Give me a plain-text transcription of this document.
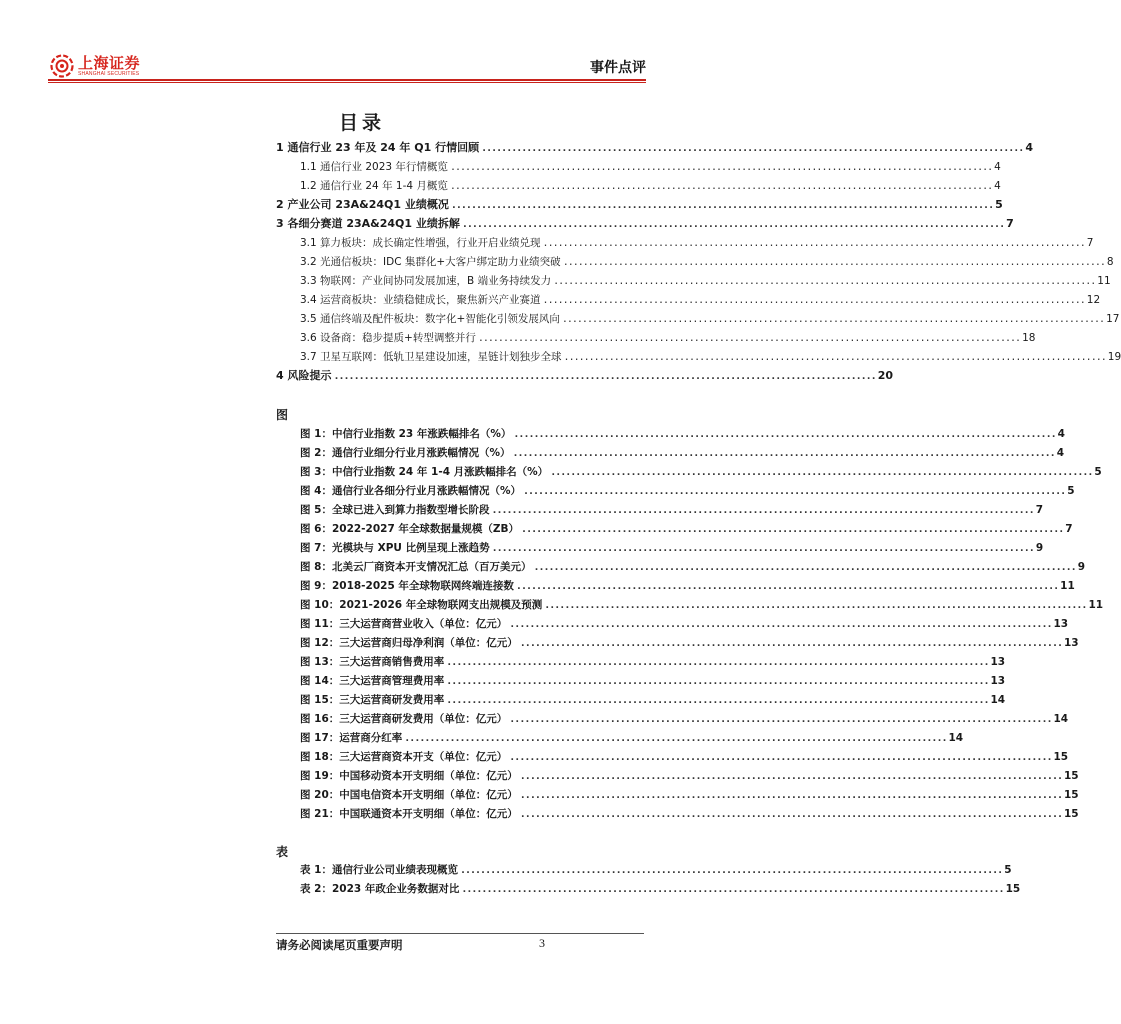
上海证券
SHANGHAI SECURITIES	事件点评
目录
1 通信行业 23 年及 24 年 Q1 行情回顾 ............................................................................................................ 4
1.1 通信行业 2023 年行情概览 ............................................................................................................ 4
1.2 通信行业 24 年 1-4 月概览 ............................................................................................................ 4
2 产业公司 23A&24Q1 业绩概况 ............................................................................................................ 5
3 各细分赛道 23A&24Q1 业绩拆解 ............................................................................................................ 7
3.1 算力板块：成长确定性增强，行业开启业绩兑现 ............................................................................................................ 7
3.2 光通信板块：IDC 集群化+大客户绑定助力业绩突破 ............................................................................................................ 8
3.3 物联网：产业间协同发展加速，B 端业务持续发力 ............................................................................................................ 11
3.4 运营商板块：业绩稳健成长，聚焦新兴产业赛道 ............................................................................................................ 12
3.5 通信终端及配件板块：数字化+智能化引领发展风向 ............................................................................................................ 17
3.6 设备商：稳步提质+转型调整并行 ............................................................................................................ 18
3.7 卫星互联网：低轨卫星建设加速，星链计划独步全球 ............................................................................................................ 19
4 风险提示 ............................................................................................................ 20
图
图 1：中信行业指数 23 年涨跌幅排名（%） ............................................................................................................ 4
图 2：通信行业细分行业月涨跌幅情况（%） ............................................................................................................ 4
图 3：中信行业指数 24 年 1-4 月涨跌幅排名（%） ............................................................................................................ 5
图 4：通信行业各细分行业月涨跌幅情况（%） ............................................................................................................ 5
图 5：全球已进入到算力指数型增长阶段 ............................................................................................................ 7
图 6：2022-2027 年全球数据量规模（ZB） ............................................................................................................ 7
图 7：光模块与 XPU 比例呈现上涨趋势 ............................................................................................................ 9
图 8：北美云厂商资本开支情况汇总（百万美元） ............................................................................................................ 9
图 9：2018-2025 年全球物联网终端连接数 ............................................................................................................ 11
图 10：2021-2026 年全球物联网支出规模及预测 ............................................................................................................ 11
图 11：三大运营商营业收入（单位：亿元） ............................................................................................................ 13
图 12：三大运营商归母净利润（单位：亿元） ............................................................................................................ 13
图 13：三大运营商销售费用率 ............................................................................................................ 13
图 14：三大运营商管理费用率 ............................................................................................................ 13
图 15：三大运营商研发费用率 ............................................................................................................ 14
图 16：三大运营商研发费用（单位：亿元） ............................................................................................................ 14
图 17：运营商分红率 ............................................................................................................ 14
图 18：三大运营商资本开支（单位：亿元） ............................................................................................................ 15
图 19：中国移动资本开支明细（单位：亿元） ............................................................................................................ 15
图 20：中国电信资本开支明细（单位：亿元） ............................................................................................................ 15
图 21：中国联通资本开支明细（单位：亿元） ............................................................................................................ 15
表
表 1：通信行业公司业绩表现概览 ............................................................................................................ 5
表 2：2023 年政企业务数据对比 ............................................................................................................ 15
请务必阅读尾页重要声明	3
